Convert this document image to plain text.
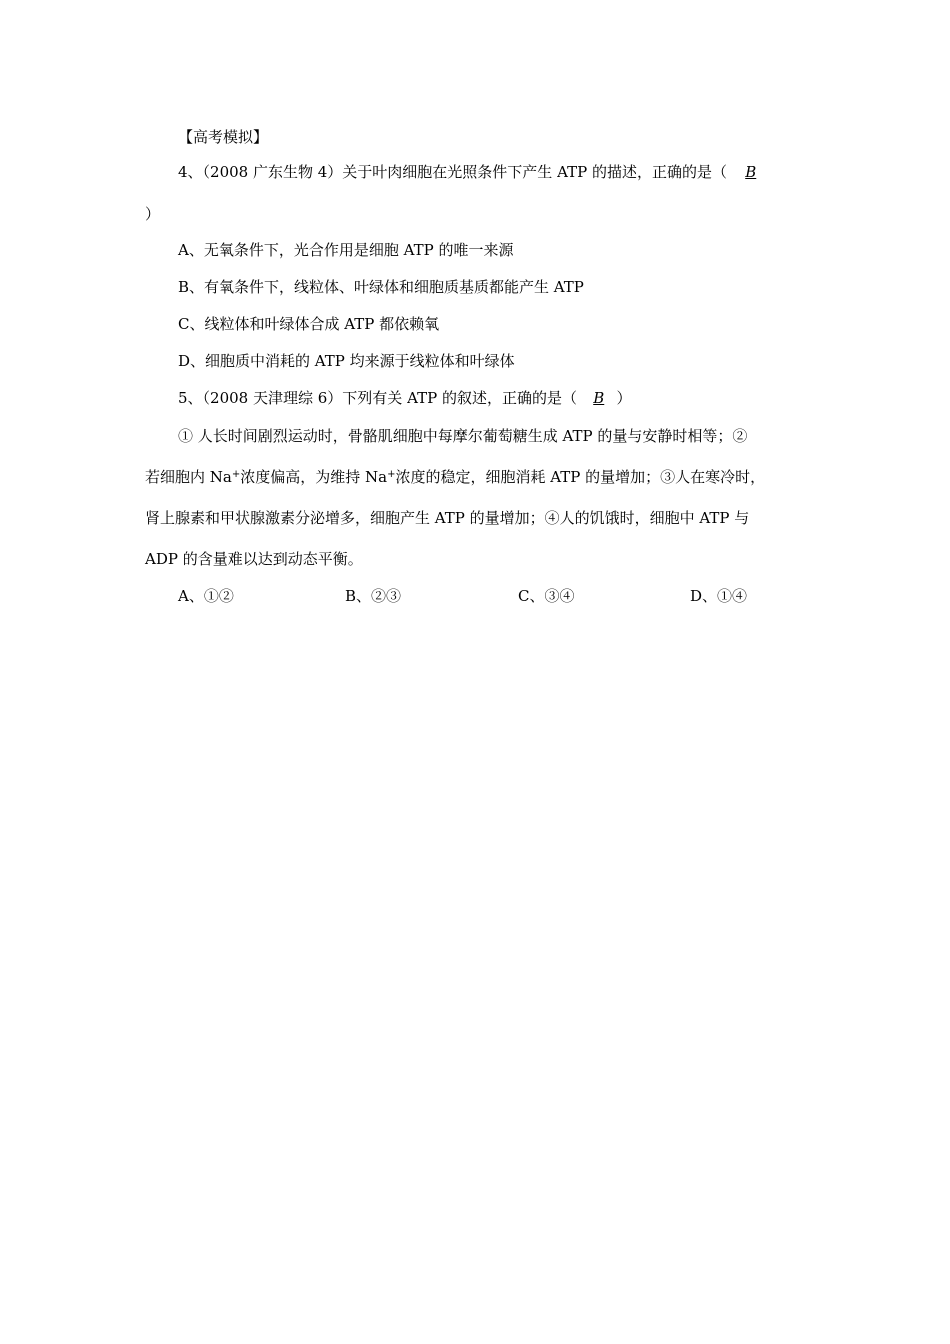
【高考模拟】
4、（2008 广东生物 4）关于叶肉细胞在光照条件下产生 ATP 的描述，正确的是（ B
）
A、无氧条件下，光合作用是细胞 ATP 的唯一来源
B、有氧条件下，线粒体、叶绿体和细胞质基质都能产生 ATP
C、线粒体和叶绿体合成 ATP 都依赖氧
D、细胞质中消耗的 ATP 均来源于线粒体和叶绿体
5、（2008 天津理综 6）下列有关 ATP 的叙述，正确的是（ B ）
① 人长时间剧烈运动时，骨骼肌细胞中每摩尔葡萄糖生成 ATP 的量与安静时相等；②
若细胞内 Na+浓度偏高，为维持 Na+浓度的稳定，细胞消耗 ATP 的量增加；③人在寒冷时，
肾上腺素和甲状腺激素分泌增多，细胞产生 ATP 的量增加；④人的饥饿时，细胞中 ATP 与
ADP 的含量难以达到动态平衡。
A、①②	B、②③	C、③④	D、①④
